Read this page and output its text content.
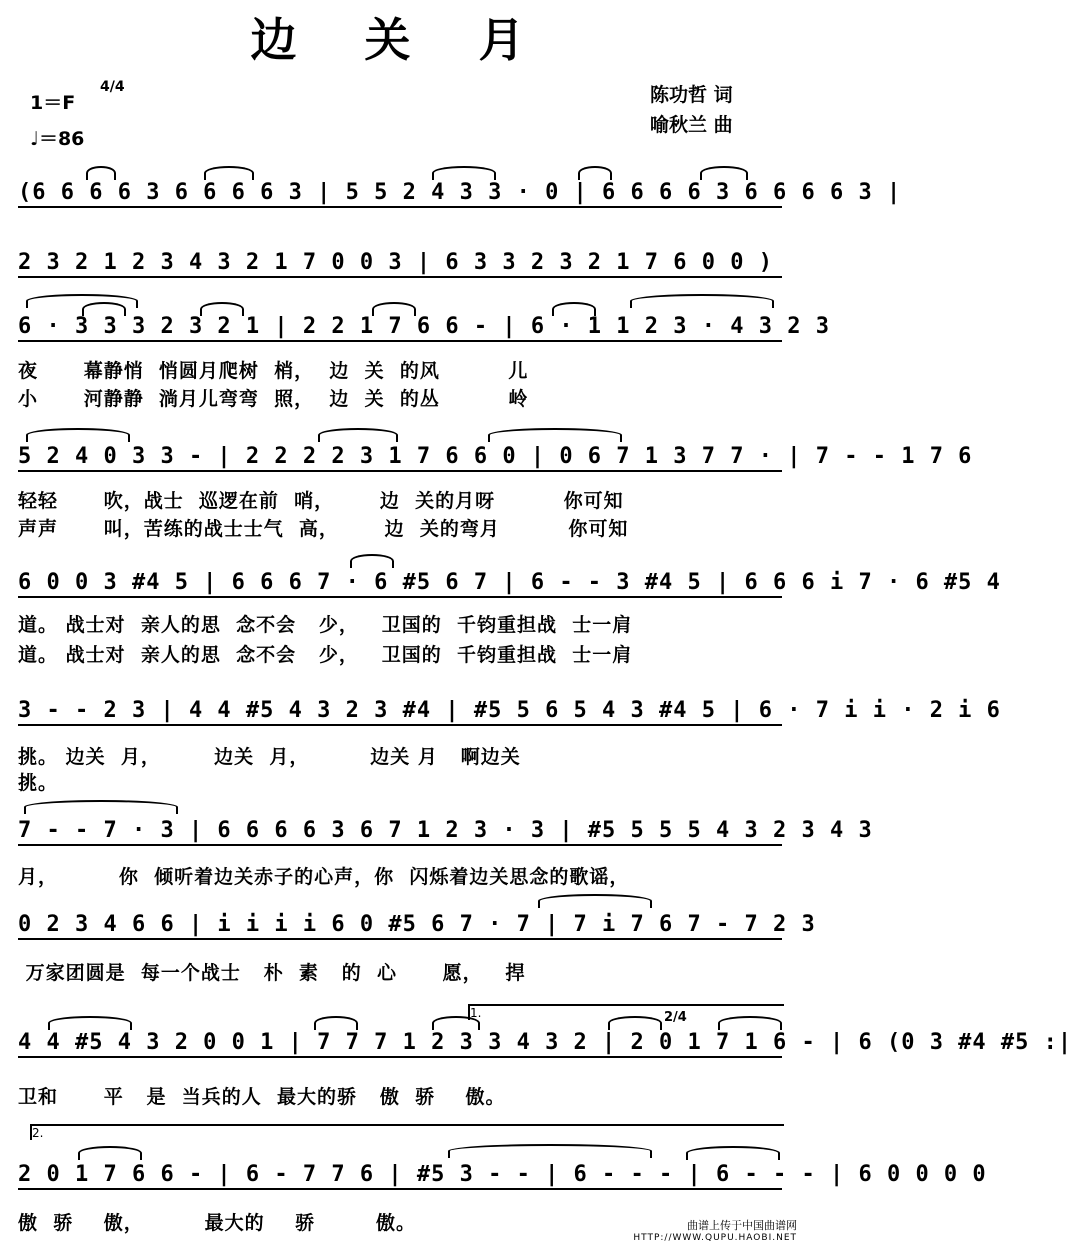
边 关 月
1＝F
4/4
♩＝86
陈功哲 词
喻秋兰 曲
(6 6 6 6 3 6 6 6 6 3 | 5 5 2 4 3 3 · 0 | 6 6 6 6 3 6 6 6 6 3 |
2 3 2 1 2 3 4 3 2 1 7 0 0 3 | 6 3 3 2 3 2 1 7 6 0 0 )
6 · 3 3 3 2 3 2 1 | 2 2 1 7 6 6 - | 6 · 1 1 2 3 · 4 3 2 3
夜      幕静悄  悄圆月爬树  梢，  边  关  的风         儿
小      河静静  淌月儿弯弯  照，  边  关  的丛         岭
5 2 4 0 3 3 - | 2 2 2 2 3 1 7 6 6 0 | 0 6 7 1 3 7 7 · | 7 - - 1 7 6
轻轻      吹，战士  巡逻在前  哨，      边  关的月呀         你可知
声声      叫，苦练的战士士气  高，      边  关的弯月         你可知
6 0 0 3 #4 5 | 6 6 6 7 · 6 #5 6 7 | 6 - - 3 #4 5 | 6 6 6 i 7 · 6 #5 4
道。 战士对  亲人的思  念不会   少，   卫国的  千钧重担战  士一肩
道。 战士对  亲人的思  念不会   少，   卫国的  千钧重担战  士一肩
3 - - 2 3 | 4 4 #5 4 3 2 3 #4 | #5 5 6 5 4 3 #4 5 | 6 · 7 i i · 2 i 6
挑。 边关  月，       边关  月，        边关 月   啊边关
挑。
7 - - 7 · 3 | 6 6 6 6 3 6 7 1 2 3 · 3 | #5 5 5 5 4 3 2 3 4 3
月，        你  倾听着边关赤子的心声，你  闪烁着边关思念的歌谣，
0 2 3 4 6 6 | i i i i 6 0 #5 6 7 · 7 | 7 i 7 6 7 - 7 2 3
万家团圆是  每一个战士   朴  素   的  心      愿，   捍
1.	2/4
4 4 #5 4 3 2 0 0 1 | 7 7 7 1 2 3 3 4 3 2 | 2 0 1 7 1 6 - | 6 (0 3 #4 #5 :|
卫和      平   是  当兵的人  最大的骄   傲  骄    傲。
2.
2 0 1 7 6 6 - | 6 - 7 7 6 | #5 3 - - | 6 - - - | 6 - - - | 6 0 0 0 0
傲  骄    傲，        最大的    骄        傲。	曲谱上传于中国曲谱网
HTTP://WWW.QUPU.HAOBI.NET
